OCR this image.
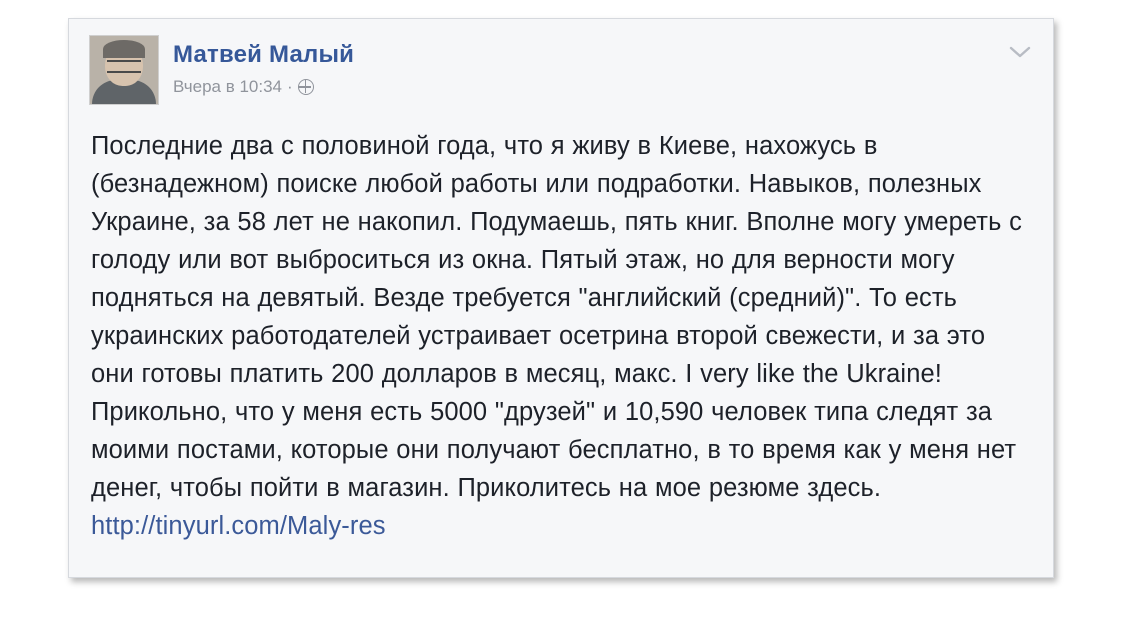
Матвей Малый
Вчера в 10:34 ·
Последние два с половиной года, что я живу в Киеве, нахожусь в (безнадежном) поиске любой работы или подработки. Навыков, полезных Украине, за 58 лет не накопил. Подумаешь, пять книг. Вполне могу умереть с голоду или вот выброситься из окна. Пятый этаж, но для верности могу подняться на девятый. Везде требуется "английский (средний)". То есть украинских работодателей устраивает осетрина второй свежести, и за это они готовы платить 200 долларов в месяц, макс. I very like the Ukraine! Прикольно, что у меня есть 5000 "друзей" и 10,590 человек типа следят за моими постами, которые они получают бесплатно, в то время как у меня нет денег, чтобы пойти в магазин. Приколитесь на мое резюме здесь. http://tinyurl.com/Maly-res
